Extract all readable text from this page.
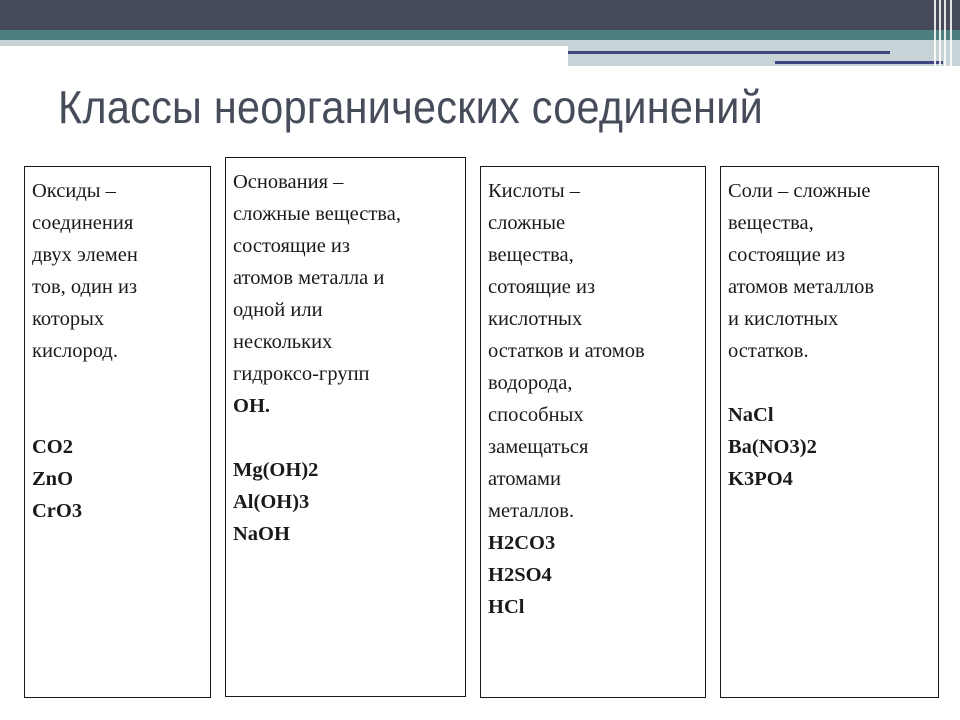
Классы неорганических соединений
Оксиды –
соединения
двух элемен
тов, один из
которых
кислород.
CO2
ZnO
CrO3
Основания –
сложные вещества,
состоящие из
атомов металла и
одной или
нескольких
гидроксо-групп
ОН.
Mg(OH)2
Al(OH)3
NaOH
Кислоты –
сложные
вещества,
сотоящие из
кислотных
остатков и атомов
водорода,
способных
замещаться
атомами
металлов.
H2CO3
H2SO4
HCl
Соли – сложные
вещества,
состоящие из
атомов металлов
и кислотных
остатков.
NaCl
Ba(NO3)2
K3PO4
